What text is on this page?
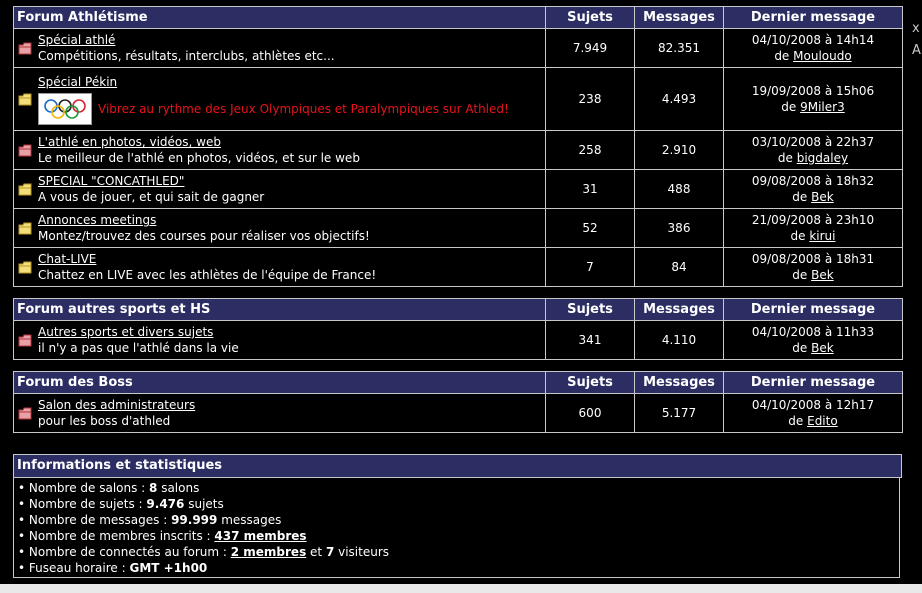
Forum Athlétisme	Sujets	Messages	Dernier message

Spécial athlé
Compétitions, résultats, interclubs, athlètes etc...	7.949	82.351	04/10/2008 à 14h14
de Mouloudo

Spécial Pékin

Vibrez au rythme des Jeux Olympiques et Paralympiques sur Athled!	238	4.493	19/09/2008 à 15h06
de 9Miler3

L'athlé en photos, vidéos, web
Le meilleur de l'athlé en photos, vidéos, et sur le web	258	2.910	03/10/2008 à 22h37
de bigdaley

SPECIAL "CONCATHLED"
A vous de jouer, et qui sait de gagner	31	488	09/08/2008 à 18h32
de Bek

Annonces meetings
Montez/trouvez des courses pour réaliser vos objectifs!	52	386	21/09/2008 à 23h10
de kirui

Chat-LIVE
Chattez en LIVE avec les athlètes de l'équipe de France!	7	84	09/08/2008 à 18h31
de Bek
Forum autres sports et HS	Sujets	Messages	Dernier message

Autres sports et divers sujets
il n'y a pas que l'athlé dans la vie	341	4.110	04/10/2008 à 11h33
de Bek
Forum des Boss	Sujets	Messages	Dernier message

Salon des administrateurs
pour les boss d'athled	600	5.177	04/10/2008 à 12h17
de Edito
Informations et statistiques
• Nombre de salons : 8 salons
• Nombre de sujets : 9.476 sujets
• Nombre de messages : 99.999 messages
• Nombre de membres inscrits : 437 membres
• Nombre de connectés au forum : 2 membres et 7 visiteurs
• Fuseau horaire : GMT +1h00
x
A
